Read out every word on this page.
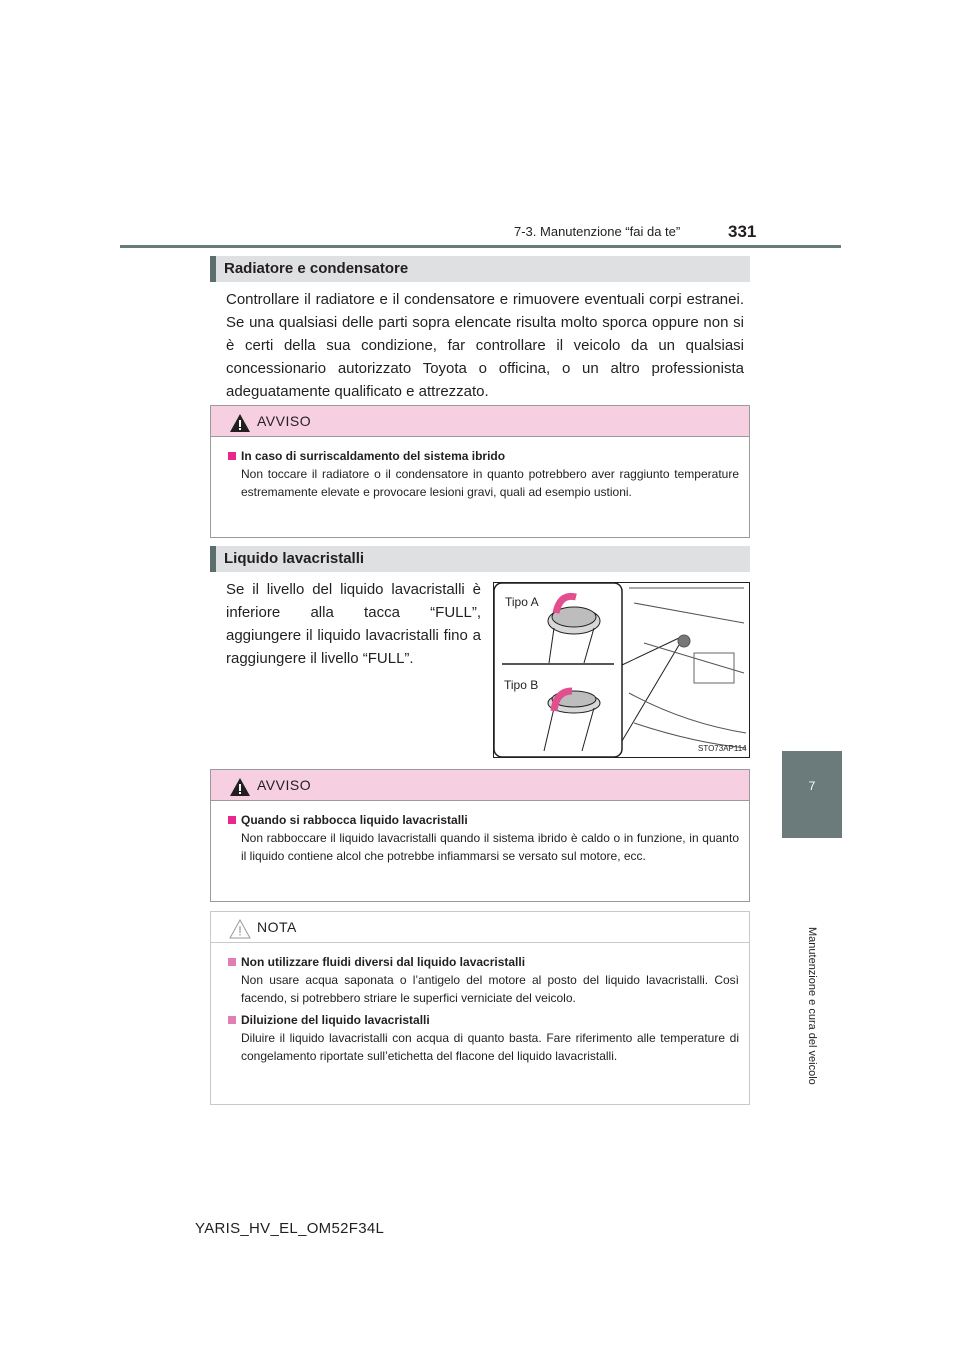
7-3. Manutenzione “fai da te”	331
7
Manutenzione e cura del veicolo
Radiatore e condensatore
Controllare il radiatore e il condensatore e rimuovere eventuali corpi estranei. Se una qualsiasi delle parti sopra elencate risulta molto sporca oppure non si è certi della sua condizione, far controllare il veicolo da un qualsiasi concessionario autorizzato Toyota o officina, o un altro professionista adeguatamente qualificato e attrezzato.
AVVISO
In caso di surriscaldamento del sistema ibrido
Non toccare il radiatore o il condensatore in quanto potrebbero aver raggiunto temperature estremamente elevate e provocare lesioni gravi, quali ad esempio ustioni.
Liquido lavacristalli
Se il livello del liquido lavacristalli è inferiore alla tacca “FULL”, aggiungere il liquido lavacristalli fino a raggiungere il livello “FULL”.
Tipo A
Tipo B
STO73AP114
AVVISO
Quando si rabbocca liquido lavacristalli
Non rabboccare il liquido lavacristalli quando il sistema ibrido è caldo o in funzione, in quanto il liquido contiene alcol che potrebbe infiammarsi se versato sul motore, ecc.
NOTA
Non utilizzare fluidi diversi dal liquido lavacristalli
Non usare acqua saponata o l’antigelo del motore al posto del liquido lavacristalli. Così facendo, si potrebbero striare le superfici verniciate del veicolo.
Diluizione del liquido lavacristalli
Diluire il liquido lavacristalli con acqua di quanto basta. Fare riferimento alle temperature di congelamento riportate sull’etichetta del flacone del liquido lavacristalli.
YARIS_HV_EL_OM52F34L
